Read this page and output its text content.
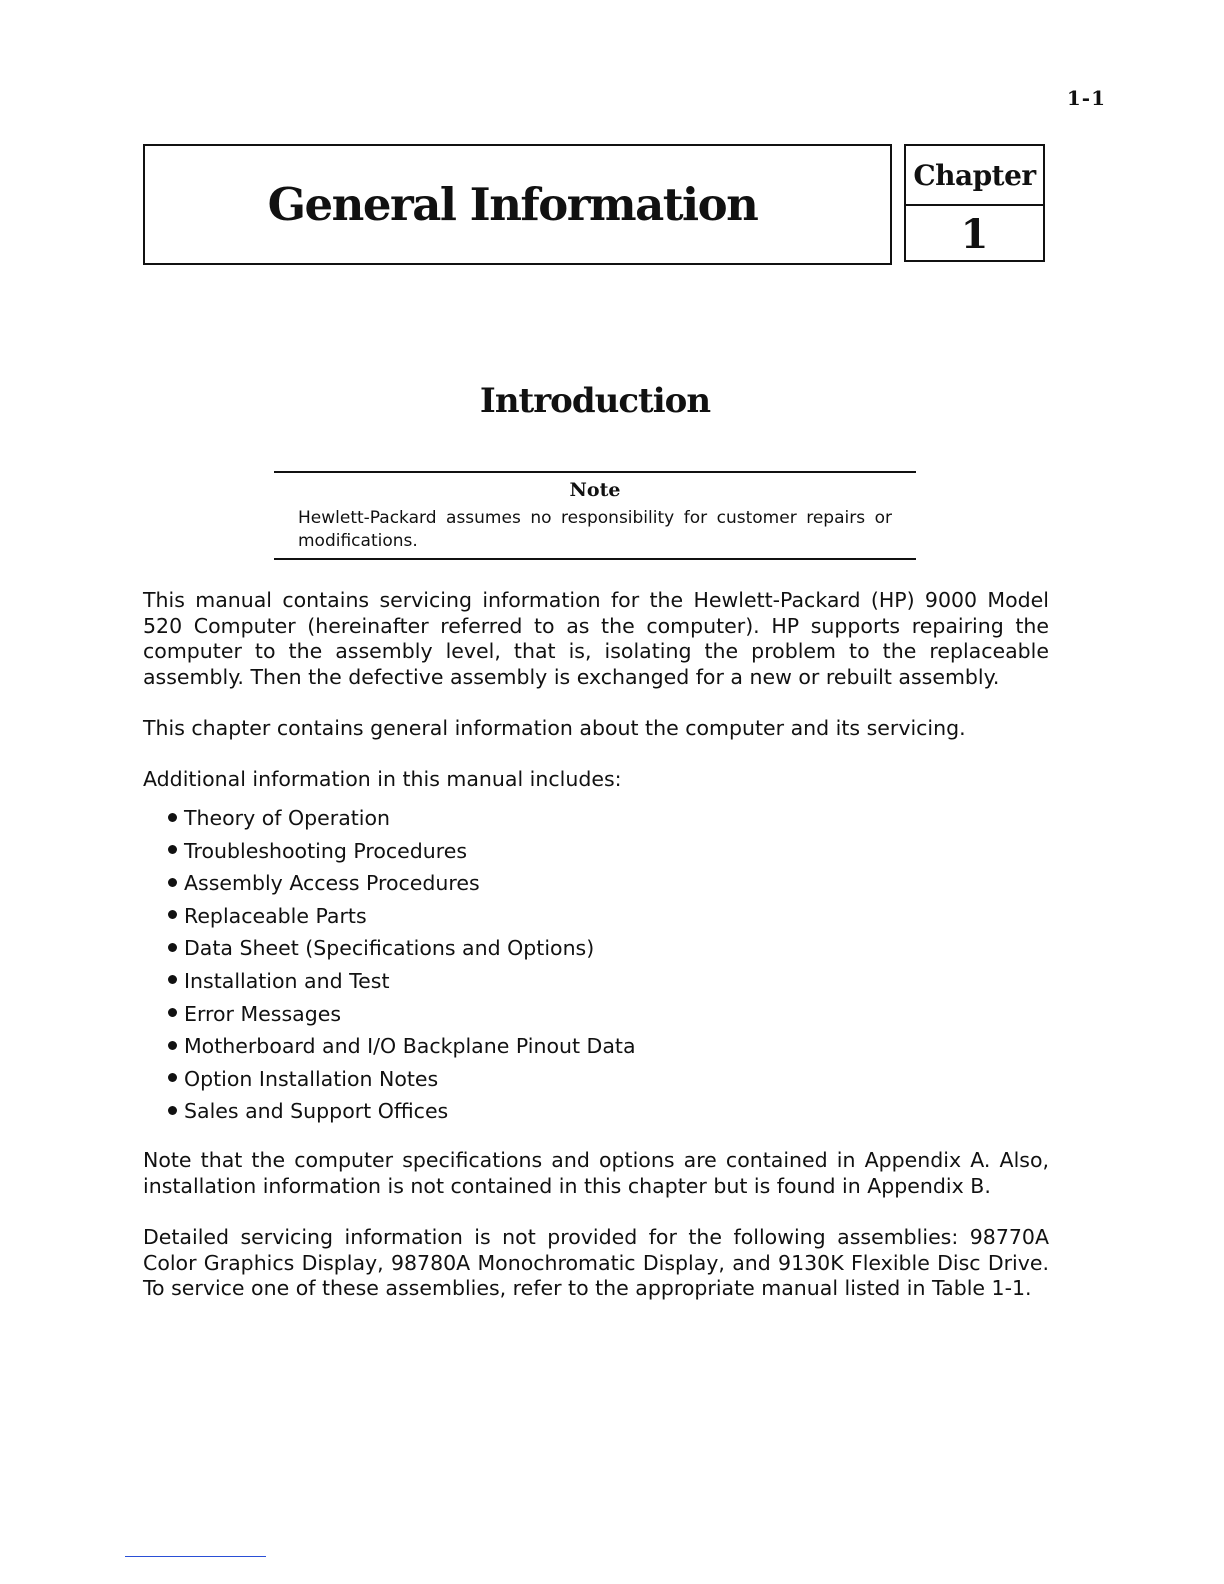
1-1
General Information
Chapter
1
Introduction
Note
Hewlett-Packard assumes no responsibility for customer repairs or modifications.

This manual contains servicing information for the Hewlett-Packard (HP) 9000 Model 520 Computer (hereinafter referred to as the computer). HP supports repairing the computer to the assembly level, that is, isolating the problem to the replaceable assembly. Then the defective assembly is exchanged for a new or rebuilt assembly.

This chapter contains general information about the computer and its servicing.

Additional information in this manual includes:

Theory of Operation
Troubleshooting Procedures
Assembly Access Procedures
Replaceable Parts
Data Sheet (Specifications and Options)
Installation and Test
Error Messages
Motherboard and I/O Backplane Pinout Data
Option Installation Notes
Sales and Support Offices

Note that the computer specifications and options are contained in Appendix A. Also, installation information is not contained in this chapter but is found in Appendix B.

Detailed servicing information is not provided for the following assemblies: 98770A Color Graphics Display, 98780A Monochromatic Display, and 9130K Flexible Disc Drive. To service one of these assemblies, refer to the appropriate manual listed in Table 1-1.
